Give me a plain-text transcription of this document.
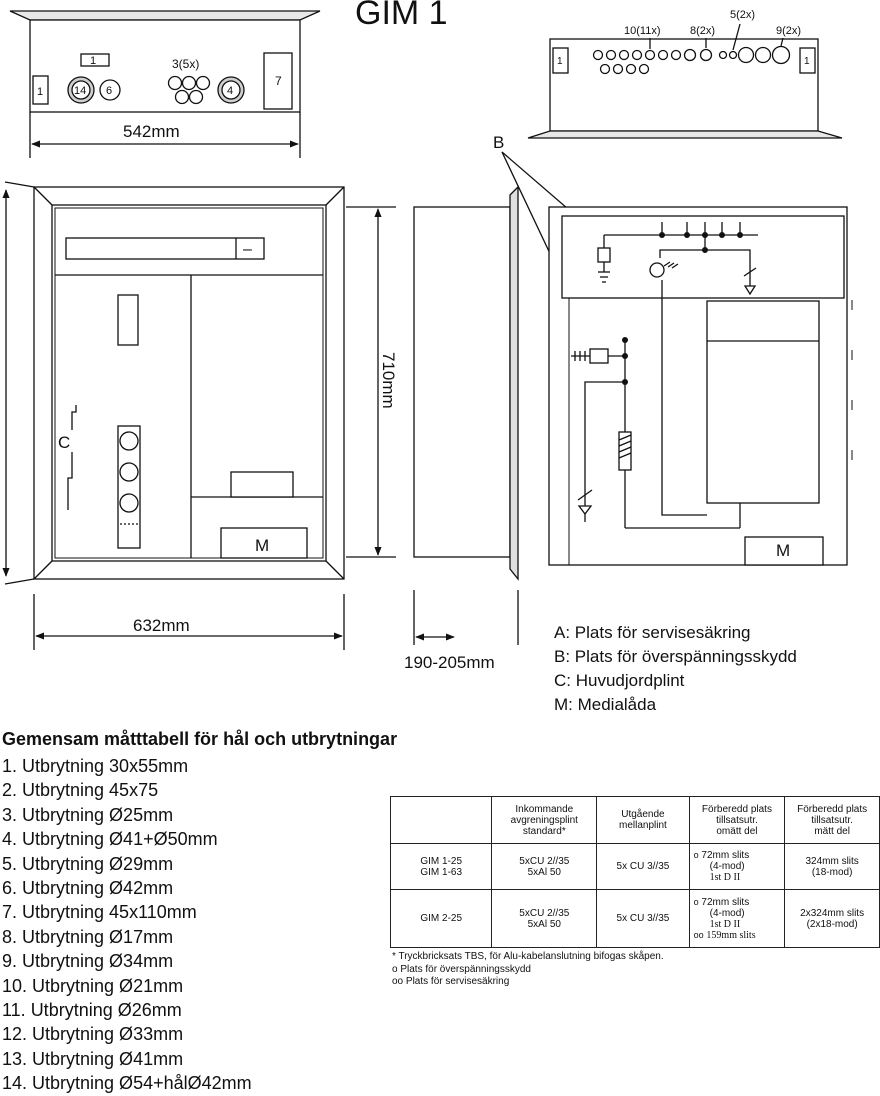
GIM 1
1
1	14 6
3(5x)
4
7
542mm
10(11x)	8(2x)
5(2x)
9(2x)
1	1
–
C
M
632mm
710mm
190-205mm
B
M
A: Plats för servisesäkring
B: Plats för överspänningsskydd
C: Huvudjordplint
M: Medialåda
Gemensam måtttabell för hål och utbrytningar
1. Utbrytning 30x55mm
2. Utbrytning 45x75
3. Utbrytning Ø25mm
4. Utbrytning Ø41+Ø50mm
5. Utbrytning Ø29mm
6. Utbrytning Ø42mm
7. Utbrytning 45x110mm
8. Utbrytning Ø17mm
9. Utbrytning Ø34mm
10. Utbrytning Ø21mm
11. Utbrytning Ø26mm
12. Utbrytning Ø33mm
13. Utbrytning Ø41mm
14. Utbrytning Ø54+hålØ42mm

	Inkommande
avgreningsplint
standard*	Utgående
mellanplint	Förberedd plats
tillsatsutr.
omätt del	Förberedd plats
tillsatsutr.
mätt del

GIM 1-25
GIM 1-63	5xCU 2//35
5xAl 50	5x CU 3//35	o 72mm slits
(4-mod)
1st D II	324mm slits
(18-mod)

GIM 2-25	5xCU 2//35
5xAl 50	5x CU 3//35	o 72mm slits
(4-mod)
1st D II
oo 159mm slits	2x324mm slits
(2x18-mod)
* Tryckbricksats TBS, för Alu-kabelanslutning bifogas skåpen.
o Plats för överspänningsskydd
oo Plats för servisesäkring
